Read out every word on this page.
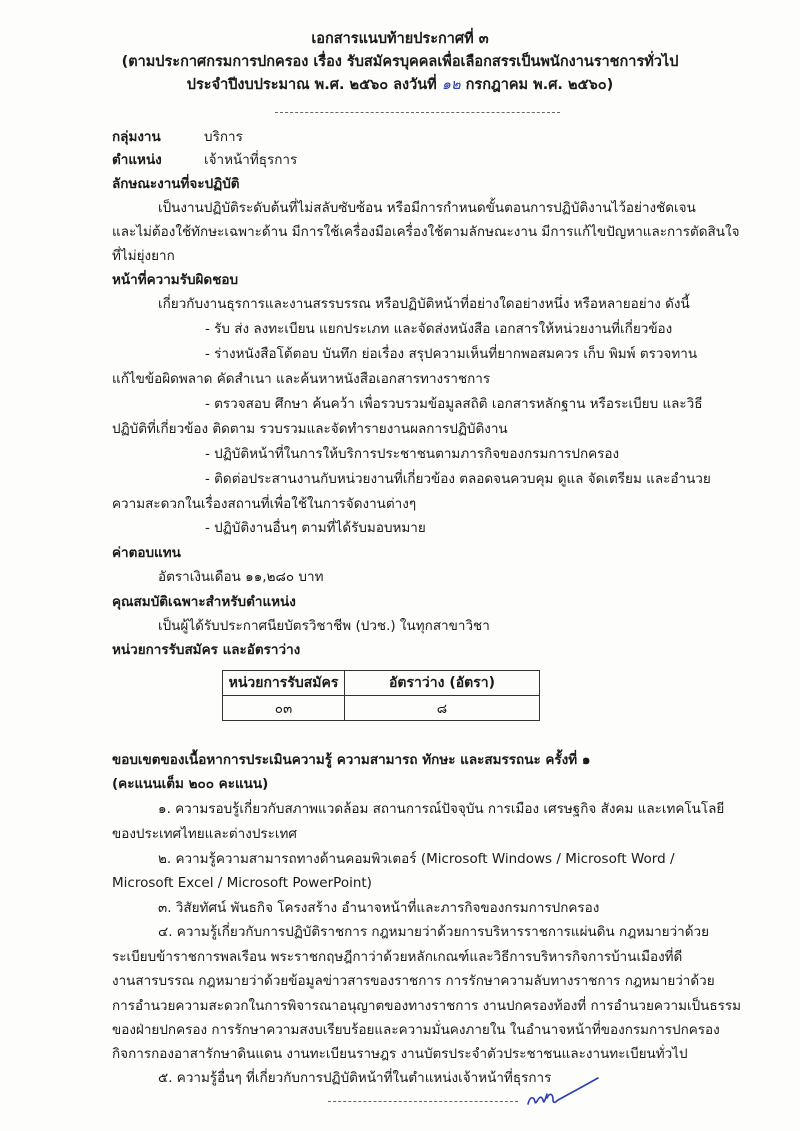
เอกสารแนบท้ายประกาศที่ ๓
(ตามประกาศกรมการปกครอง เรื่อง รับสมัครบุคคลเพื่อเลือกสรรเป็นพนักงานราชการทั่วไป
ประจำปีงบประมาณ พ.ศ. ๒๕๖๐ ลงวันที่ ๑๒ กรกฎาคม พ.ศ. ๒๕๖๐)
กลุ่มงาน	บริการ
ตำแหน่ง	เจ้าหน้าที่ธุรการ
ลักษณะงานที่จะปฏิบัติ
เป็นงานปฏิบัติระดับต้นที่ไม่สลับซับซ้อน หรือมีการกำหนดขั้นตอนการปฏิบัติงานไว้อย่างชัดเจน
และไม่ต้องใช้ทักษะเฉพาะด้าน มีการใช้เครื่องมือเครื่องใช้ตามลักษณะงาน มีการแก้ไขปัญหาและการตัดสินใจ
ที่ไม่ยุ่งยาก
หน้าที่ความรับผิดชอบ
เกี่ยวกับงานธุรการและงานสรรบรรณ หรือปฏิบัติหน้าที่อย่างใดอย่างหนึ่ง หรือหลายอย่าง ดังนี้
- รับ ส่ง ลงทะเบียน แยกประเภท และจัดส่งหนังสือ เอกสารให้หน่วยงานที่เกี่ยวข้อง
- ร่างหนังสือโต้ตอบ บันทึก ย่อเรื่อง สรุปความเห็นที่ยากพอสมควร เก็บ พิมพ์ ตรวจทาน
แก้ไขข้อผิดพลาด คัดสำเนา และค้นหาหนังสือเอกสารทางราชการ
- ตรวจสอบ ศึกษา ค้นคว้า เพื่อรวบรวมข้อมูลสถิติ เอกสารหลักฐาน หรือระเบียบ และวิธี
ปฏิบัติที่เกี่ยวข้อง ติดตาม รวบรวมและจัดทำรายงานผลการปฏิบัติงาน
- ปฏิบัติหน้าที่ในการให้บริการประชาชนตามภารกิจของกรมการปกครอง
- ติดต่อประสานงานกับหน่วยงานที่เกี่ยวข้อง ตลอดจนควบคุม ดูแล จัดเตรียม และอำนวย
ความสะดวกในเรื่องสถานที่เพื่อใช้ในการจัดงานต่างๆ
- ปฏิบัติงานอื่นๆ ตามที่ได้รับมอบหมาย
ค่าตอบแทน
อัตราเงินเดือน ๑๑,๒๘๐ บาท
คุณสมบัติเฉพาะสำหรับตำแหน่ง
เป็นผู้ได้รับประกาศนียบัตรวิชาชีพ (ปวช.) ในทุกสาขาวิชา
หน่วยการรับสมัคร และอัตราว่าง
หน่วยการรับสมัคร	อัตราว่าง (อัตรา)
๐๓	๘
ขอบเขตของเนื้อหาการประเมินความรู้ ความสามารถ ทักษะ และสมรรถนะ ครั้งที่ ๑
(คะแนนเต็ม ๒๐๐ คะแนน)
๑. ความรอบรู้เกี่ยวกับสภาพแวดล้อม สถานการณ์ปัจจุบัน การเมือง เศรษฐกิจ สังคม และเทคโนโลยี
ของประเทศไทยและต่างประเทศ
๒. ความรู้ความสามารถทางด้านคอมพิวเตอร์ (Microsoft Windows / Microsoft Word /
Microsoft Excel / Microsoft PowerPoint)
๓. วิสัยทัศน์ พันธกิจ โครงสร้าง อำนาจหน้าที่และภารกิจของกรมการปกครอง
๔. ความรู้เกี่ยวกับการปฏิบัติราชการ กฎหมายว่าด้วยการบริหารราชการแผ่นดิน กฎหมายว่าด้วย
ระเบียบข้าราชการพลเรือน พระราชกฤษฎีกาว่าด้วยหลักเกณฑ์และวิธีการบริหารกิจการบ้านเมืองที่ดี
งานสารบรรณ กฎหมายว่าด้วยข้อมูลข่าวสารของราชการ การรักษาความลับทางราชการ กฎหมายว่าด้วย
การอำนวยความสะดวกในการพิจารณาอนุญาตของทางราชการ งานปกครองท้องที่ การอำนวยความเป็นธรรม
ของฝ่ายปกครอง การรักษาความสงบเรียบร้อยและความมั่นคงภายใน ในอำนาจหน้าที่ของกรมการปกครอง
กิจการกองอาสารักษาดินแดน งานทะเบียนราษฎร งานบัตรประจำตัวประชาชนและงานทะเบียนทั่วไป
๕. ความรู้อื่นๆ ที่เกี่ยวกับการปฏิบัติหน้าที่ในตำแหน่งเจ้าหน้าที่ธุรการ
